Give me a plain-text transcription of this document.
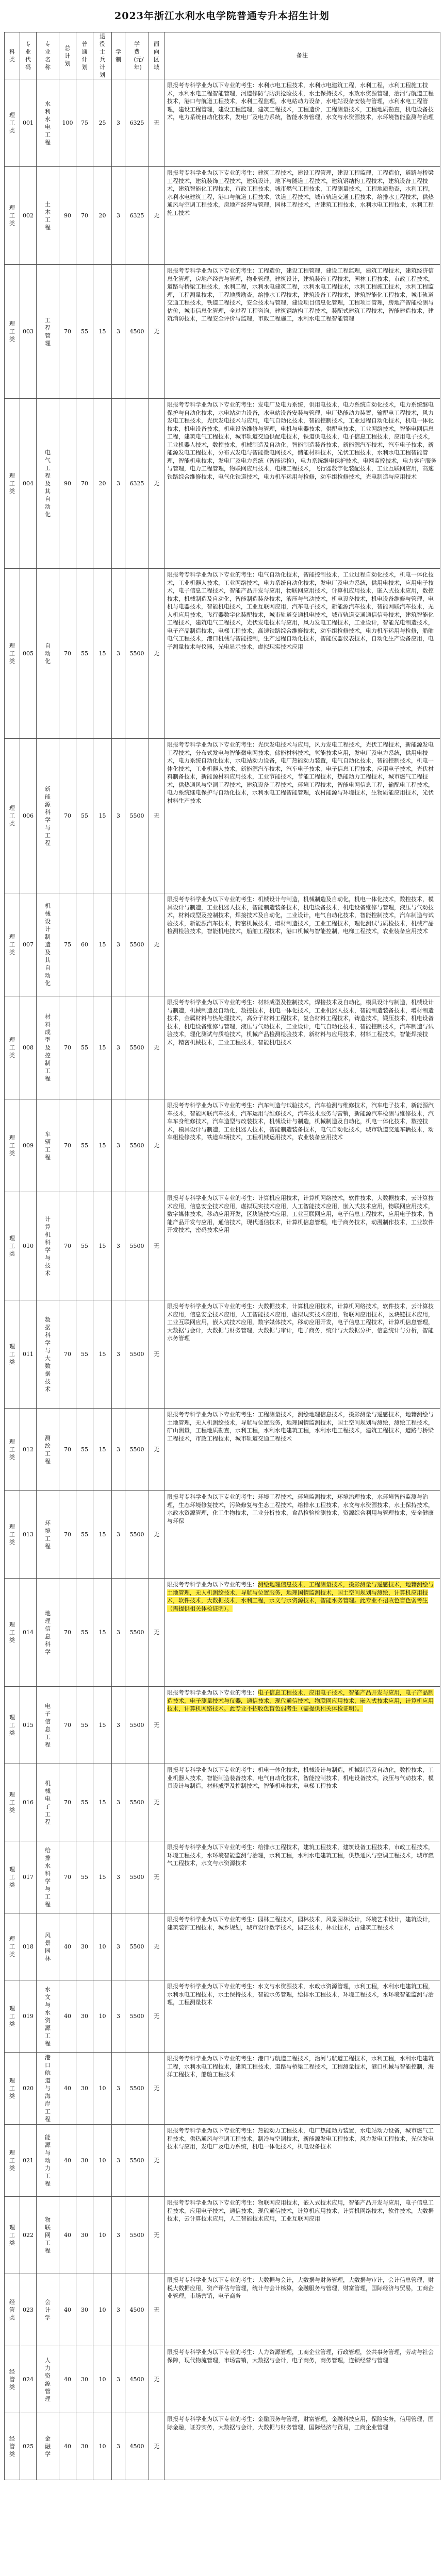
2023年浙江水利水电学院普通专升本招生计划
科类	专业代码	专业名称	总计划	普通计划	退役士兵计划	学制	学费(元/年)	面向区域	备注
理工类	001	水利水电工程	100	75	25	3	6325	无	限报考专科学业为以下专业的考生：水利水电工程技术，水利水电建筑工程，水利工程，水利工程施工技术，水利水电工程智能管理，河道修防与防洪抢险技术，水土保持技术，水政水资源管理，治河与航道工程技术，港口与航道工程技术，水利工程监理，水电站动力设备，水电站设备安装与管理，水利水电工程管理，建设工程管理，建设工程监理，建筑工程技术，工程造价，工程测量技术，工程地质勘查，机电设备技术，电力系统自动化技术，发电厂及电力系统，智能水务管理，水文与水资源技术，水环境智能监测与治理
理工类	002	土木工程	90	70	20	3	6325	无	限报考专科学业为以下专业的考生：建筑工程技术，建设工程管理，建设工程监理，工程造价，道路与桥梁工程技术，建筑装饰工程技术，建筑设计，地下与隧道工程技术，建筑钢结构工程技术，建筑设备工程技术，建筑智能化工程技术，市政工程技术，城市燃气工程技术，工程测量技术，工程地质勘查，水利工程，水利水电建筑工程，港口与航道工程技术，铁道工程技术，城市轨道交通工程技术，给排水工程技术，供热通风与空调工程技术，房地产经营与管理，园林工程技术，古建筑工程技术，水利水电工程技术，水利工程施工技术
理工类	003	工程管理	70	55	15	3	4500	无	限报考专科学业为以下专业的考生：工程造价，建设工程管理，建设工程监理，建筑工程技术，建筑经济信息化管理，房地产经营与管理，物业管理，建筑设计，建筑装饰工程技术，园林工程技术，市政工程技术，道路与桥梁工程技术，水利工程，水利水电建筑工程，水利水电工程技术，水利工程施工技术，水利工程监理，工程测量技术，工程地质勘查，给排水工程技术，建筑设备工程技术，建筑智能化工程技术，城市轨道交通工程技术，铁道工程技术，安全技术与管理，建设项目信息化管理，工程项目管理，房地产智能检测与估价，城市信息化管理，全过程工程咨询，建筑钢结构工程技术，装配式建筑工程技术，智能建造技术，建筑消防技术，工程安全评价与监理，市政工程施工，水利水电工程智能管理
理工类	004	电气工程及其自动化	90	70	20	3	6325	无	限报考专科学业为以下专业的考生：发电厂及电力系统，供用电技术，电力系统自动化技术，电力系统继电保护与自动化技术，水电站动力设备，水电站设备安装与管理，电厂热能动力装置，输配电工程技术，风力发电工程技术，光伏发电技术与应用，电气自动化技术，智能控制技术，工业过程自动化技术，机电一体化技术，机电设备技术，机电设备维修与管理，电机与电器技术，供配电技术，工业网络技术，智能电网信息工程，建筑电气工程技术，城市轨道交通供配电技术，铁道供电技术，电子信息工程技术，应用电子技术，工业机器人技术，数控技术，机械制造及自动化，智能制造装备技术，新能源汽车技术，汽车电子技术，新能源发电工程技术，分布式发电与智能微电网技术，储能材料技术，光伏工程技术，水利水电工程智能管理，智能机电技术，发电厂及电力系统（智能运检），电力系统继电保护技术，电网监控技术，电力客户服务与管理，电力工程管理，物联网应用技术，电梯工程技术，飞行器数字化装配技术，工业互联网应用，高速铁路综合维修技术，电气化铁道技术，电力机车运用与检修，动车组检修技术，光电制造与应用技术
理工类	005	自动化	70	55	15	3	5500	无	限报考专科学业为以下专业的考生：电气自动化技术，智能控制技术，工业过程自动化技术，机电一体化技术，工业机器人技术，工业网络技术，电力系统自动化技术，发电厂及电力系统，供用电技术，应用电子技术，电子信息工程技术，智能产品开发与应用，物联网应用技术，计算机应用技术，嵌入式技术应用，数控技术，机械制造及自动化，智能制造装备技术，液压与气动技术，机电设备技术，机电设备维修与管理，电机与电器技术，智能机电技术，工业互联网应用，汽车电子技术，新能源汽车技术，智能网联汽车技术，无人机应用技术，飞行器数字化装配技术，城市轨道交通机电技术，城市轨道交通通信信号技术，建筑智能化工程技术，建筑电气工程技术，光伏发电技术与应用，风力发电工程技术，工业设计，智能光电制造技术，电子产品制造技术，电梯工程技术，高速铁路综合维修技术，动车组检修技术，电力机车运用与检修，船舶电气工程技术，港口机械与智能控制，生产过程自动化技术，智能仪器仪表技术，自动化生产设备应用，电子测量技术与仪器，光电显示技术，虚拟现实技术应用
理工类	006	新能源科学与工程	70	55	15	3	5500	无	限报考专科学业为以下专业的考生：光伏发电技术与应用，风力发电工程技术，光伏工程技术，新能源发电工程技术，分布式发电与智能微电网技术，储能材料技术，氢能技术应用，发电厂及电力系统，供用电技术，电力系统自动化技术，水电站动力设备，电厂热能动力装置，电气自动化技术，智能控制技术，机电一体化技术，工业机器人技术，新能源汽车技术，汽车电子技术，电子信息工程技术，应用电子技术，光伏材料制备技术，新能源材料应用技术，工业节能技术，节能工程技术，热能动力工程技术，城市燃气工程技术，供热通风与空调工程技术，建筑设备工程技术，环境工程技术，智能电网信息工程，输配电工程技术，电力系统继电保护与自动化技术，水利水电工程智能管理，农村能源与环境技术，生物质能应用技术，光伏材料生产技术
理工类	007	机械设计制造及其自动化	75	60	15	3	5500	无	限报考专科学业为以下专业的考生：机械设计与制造，机械制造及自动化，机电一体化技术，数控技术，模具设计与制造，工业机器人技术，智能制造装备技术，机电设备技术，机电设备维修与管理，液压与气动技术，材料成型及控制技术，焊接技术及自动化，工业设计，电气自动化技术，智能控制技术，汽车制造与试验技术，新能源汽车技术，精密机械技术，增材制造技术，工业工程技术，理化测试与质检技术，机械产品检测检验技术，智能机电技术，船舶工程技术，港口机械与智能控制，电梯工程技术，农业装备应用技术
理工类	008	材料成型及控制工程	70	55	15	3	5500	无	限报考专科学业为以下专业的考生：材料成型及控制技术，焊接技术及自动化，模具设计与制造，机械设计与制造，机械制造及自动化，数控技术，机电一体化技术，工业机器人技术，智能制造装备技术，增材制造技术，金属材料与热处理技术，高分子材料工程技术，复合材料工程技术，铸造技术，锻压技术，机电设备技术，机电设备维修与管理，液压与气动技术，工业设计，电气自动化技术，智能控制技术，汽车制造与试验技术，理化测试与质检技术，机械产品检测检验技术，新材料与应用技术，材料工程技术，智能焊接技术，精密机械技术，工业工程技术，智能机电技术
理工类	009	车辆工程	70	55	15	3	5500	无	限报考专科学业为以下专业的考生：汽车制造与试验技术，汽车检测与维修技术，汽车电子技术，新能源汽车技术，智能网联汽车技术，汽车运用与维修技术，汽车技术服务与营销，新能源汽车检测与维修技术，汽车车身维修技术，汽车造型与改装技术，机械设计与制造，机械制造及自动化，机电一体化技术，数控技术，模具设计与制造，工业机器人技术，智能制造装备技术，电气自动化技术，城市轨道交通车辆技术，动车组检修技术，铁道车辆技术，工程机械运用技术，农业装备应用技术
理工类	010	计算机科学与技术	70	55	15	3	5500	无	限报考专科学业为以下专业的考生：计算机应用技术，计算机网络技术，软件技术，大数据技术，云计算技术应用，信息安全技术应用，虚拟现实技术应用，人工智能技术应用，嵌入式技术应用，物联网应用技术，数字媒体技术，移动应用开发，区块链技术应用，工业互联网应用，电子信息工程技术，应用电子技术，智能产品开发与应用，通信技术，现代通信技术，计算机信息管理，电子商务技术，动漫制作技术，工业软件开发技术，密码技术应用
理工类	011	数据科学与大数据技术	70	55	15	3	5500	无	限报考专科学业为以下专业的考生：大数据技术，计算机应用技术，计算机网络技术，软件技术，云计算技术应用，信息安全技术应用，人工智能技术应用，虚拟现实技术应用，物联网应用技术，区块链技术应用，工业互联网应用，嵌入式技术应用，数字媒体技术，移动应用开发，电子信息工程技术，计算机信息管理，大数据与会计，大数据与财务管理，大数据与审计，电子商务，统计与大数据分析，信息统计与分析，智能水务管理
理工类	012	测绘工程	70	55	15	3	5500	无	限报考专科学业为以下专业的考生：工程测量技术，测绘地理信息技术，摄影测量与遥感技术，地籍测绘与土地管理，无人机测绘技术，导航与位置服务，地理国情监测技术，国土空间规划与测绘，测绘工程技术，矿山测量，工程地质勘查，水利工程，水利水电建筑工程，水利水电工程技术，建筑工程技术，道路与桥梁工程技术，市政工程技术，城市轨道交通工程技术
理工类	013	环境工程	70	55	15	3	5500	无	限报考专科学业为以下专业的考生：环境工程技术，环境监测技术，环境治理技术，水环境智能监测与治理，生态环境修复技术，污染修复与生态工程技术，给排水工程技术，水文与水资源技术，水土保持技术，水政水资源管理，化工生物技术，工业分析技术，食品检验检测技术，资源综合利用与管理技术，安全健康与环保
理工类	014	地理信息科学	70	55	15	3	5500	无	限报考专科学业为以下专业的考生：测绘地理信息技术，工程测量技术，摄影测量与遥感技术，地籍测绘与土地管理，无人机测绘技术，导航与位置服务，地理国情监测技术，国土空间规划与测绘，计算机应用技术，软件技术，大数据技术，水利工程，水文与水资源技术，智能水务管理。此专业不招收色盲色弱考生（需提供相关体检证明）。
理工类	015	电子信息工程	70	55	15	3	5500	无	限报考专科学业为以下专业的考生：电子信息工程技术，应用电子技术，智能产品开发与应用，电子产品制造技术，电子测量技术与仪器，通信技术，现代通信技术，物联网应用技术，嵌入式技术应用，计算机应用技术，计算机网络技术。此专业不招收色盲色弱考生（需提供相关体检证明）。
理工类	016	机械电子工程	70	55	15	3	5500	无	限报考专科学业为以下专业的考生：机电一体化技术，机械设计与制造，机械制造及自动化，数控技术，工业机器人技术，智能制造装备技术，电气自动化技术，智能控制技术，机电设备技术，液压与气动技术，模具设计与制造，材料成型及控制技术，智能机电技术，电梯工程技术
理工类	017	给排水科学与工程	70	55	15	3	5500	无	限报考专科学业为以下专业的考生：给排水工程技术，建筑工程技术，建筑设备工程技术，市政工程技术，环境工程技术，水环境智能监测与治理，水利工程，水利水电建筑工程，供热通风与空调工程技术，城市燃气工程技术，水文与水资源技术
理工类	018	风景园林	40	30	10	3	5500	无	限报考专科学业为以下专业的考生：园林工程技术，园林技术，风景园林设计，环境艺术设计，建筑设计，建筑装饰工程技术，城乡规划，城市设计数字技术，园艺技术，林业技术，古建筑工程技术
理工类	019	水文与水资源工程	40	30	10	3	5500	无	限报考专科学业为以下专业的考生：水文与水资源技术，水政水资源管理，水利工程，水利水电建筑工程，水利水电工程技术，水土保持技术，智能水务管理，给排水工程技术，环境工程技术，水环境智能监测与治理，工程测量技术
理工类	020	港口航道与海岸工程	40	30	10	3	5500	无	限报考专科学业为以下专业的考生：港口与航道工程技术，治河与航道工程技术，水利工程，水利水电建筑工程，水利水电工程技术，建筑工程技术，道路与桥梁工程技术，工程测量技术，港口机械与智能控制，海洋工程技术，船舶工程技术
理工类	021	能源与动力工程	40	30	10	3	5500	无	限报考专科学业为以下专业的考生：热能动力工程技术，电厂热能动力装置，水电站动力设备，城市燃气工程技术，供热通风与空调工程技术，制冷与空调技术，新能源发电工程技术，风力发电工程技术，光伏发电技术与应用，发电厂及电力系统，机电一体化技术，机电设备技术
理工类	022	物联网工程	40	30	10	3	5500	无	限报考专科学业为以下专业的考生：物联网应用技术，嵌入式技术应用，智能产品开发与应用，电子信息工程技术，应用电子技术，通信技术，现代通信技术，计算机应用技术，计算机网络技术，软件技术，大数据技术，云计算技术应用，人工智能技术应用，工业互联网应用
经管类	023	会计学	40	30	10	3	4500	无	限报考专科学业为以下专业的考生：大数据与会计，大数据与财务管理，大数据与审计，会计信息管理，财税大数据应用，资产评估与管理，统计与会计核算，金融服务与管理，财富管理，国际经济与贸易，工商企业管理，市场营销，电子商务
经管类	024	人力资源管理	40	30	10	3	4500	无	限报考专科学业为以下专业的考生：人力资源管理，工商企业管理，行政管理，公共事务管理，劳动与社会保障，现代物流管理，市场营销，大数据与会计，电子商务，商务管理，连锁经营与管理
经管类	025	金融学	40	30	10	3	4500	无	限报考专科学业为以下专业的考生：金融服务与管理，财富管理，金融科技应用，保险实务，信用管理，国际金融，证券实务，大数据与会计，大数据与财务管理，国际经济与贸易，工商企业管理
